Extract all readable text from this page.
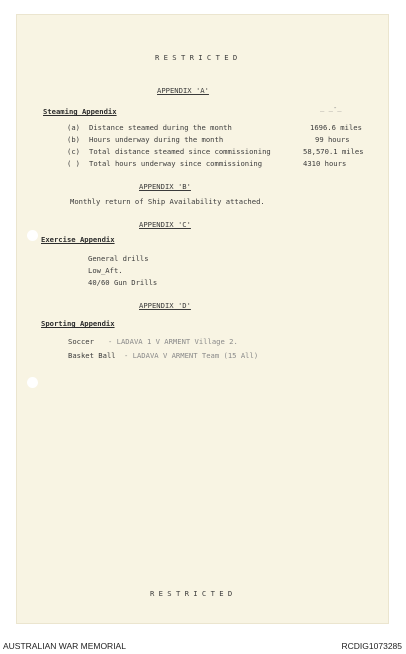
R E S T R I C T E D
APPENDIX 'A'
_ _-_
Steaming Appendix
(a) Distance steamed during the month	1696.6 miles
(b) Hours underway during the month	99 hours
(c) Total distance steamed since commissioning	58,570.1 miles
( ) Total hours underway since commissioning	4310 hours
APPENDIX 'B'
Monthly return of Ship Availability attached.
APPENDIX 'C'
Exercise Appendix
General drills
Low_Aft.
40/60 Gun Drills
APPENDIX 'D'
Sporting Appendix
Soccer - LADAVA 1 V ARMENT Village 2.
Basket Ball - LADAVA V ARMENT Team (15 All)
R E S T R I C T E D
AUSTRALIAN WAR MEMORIAL	RCDIG1073285
